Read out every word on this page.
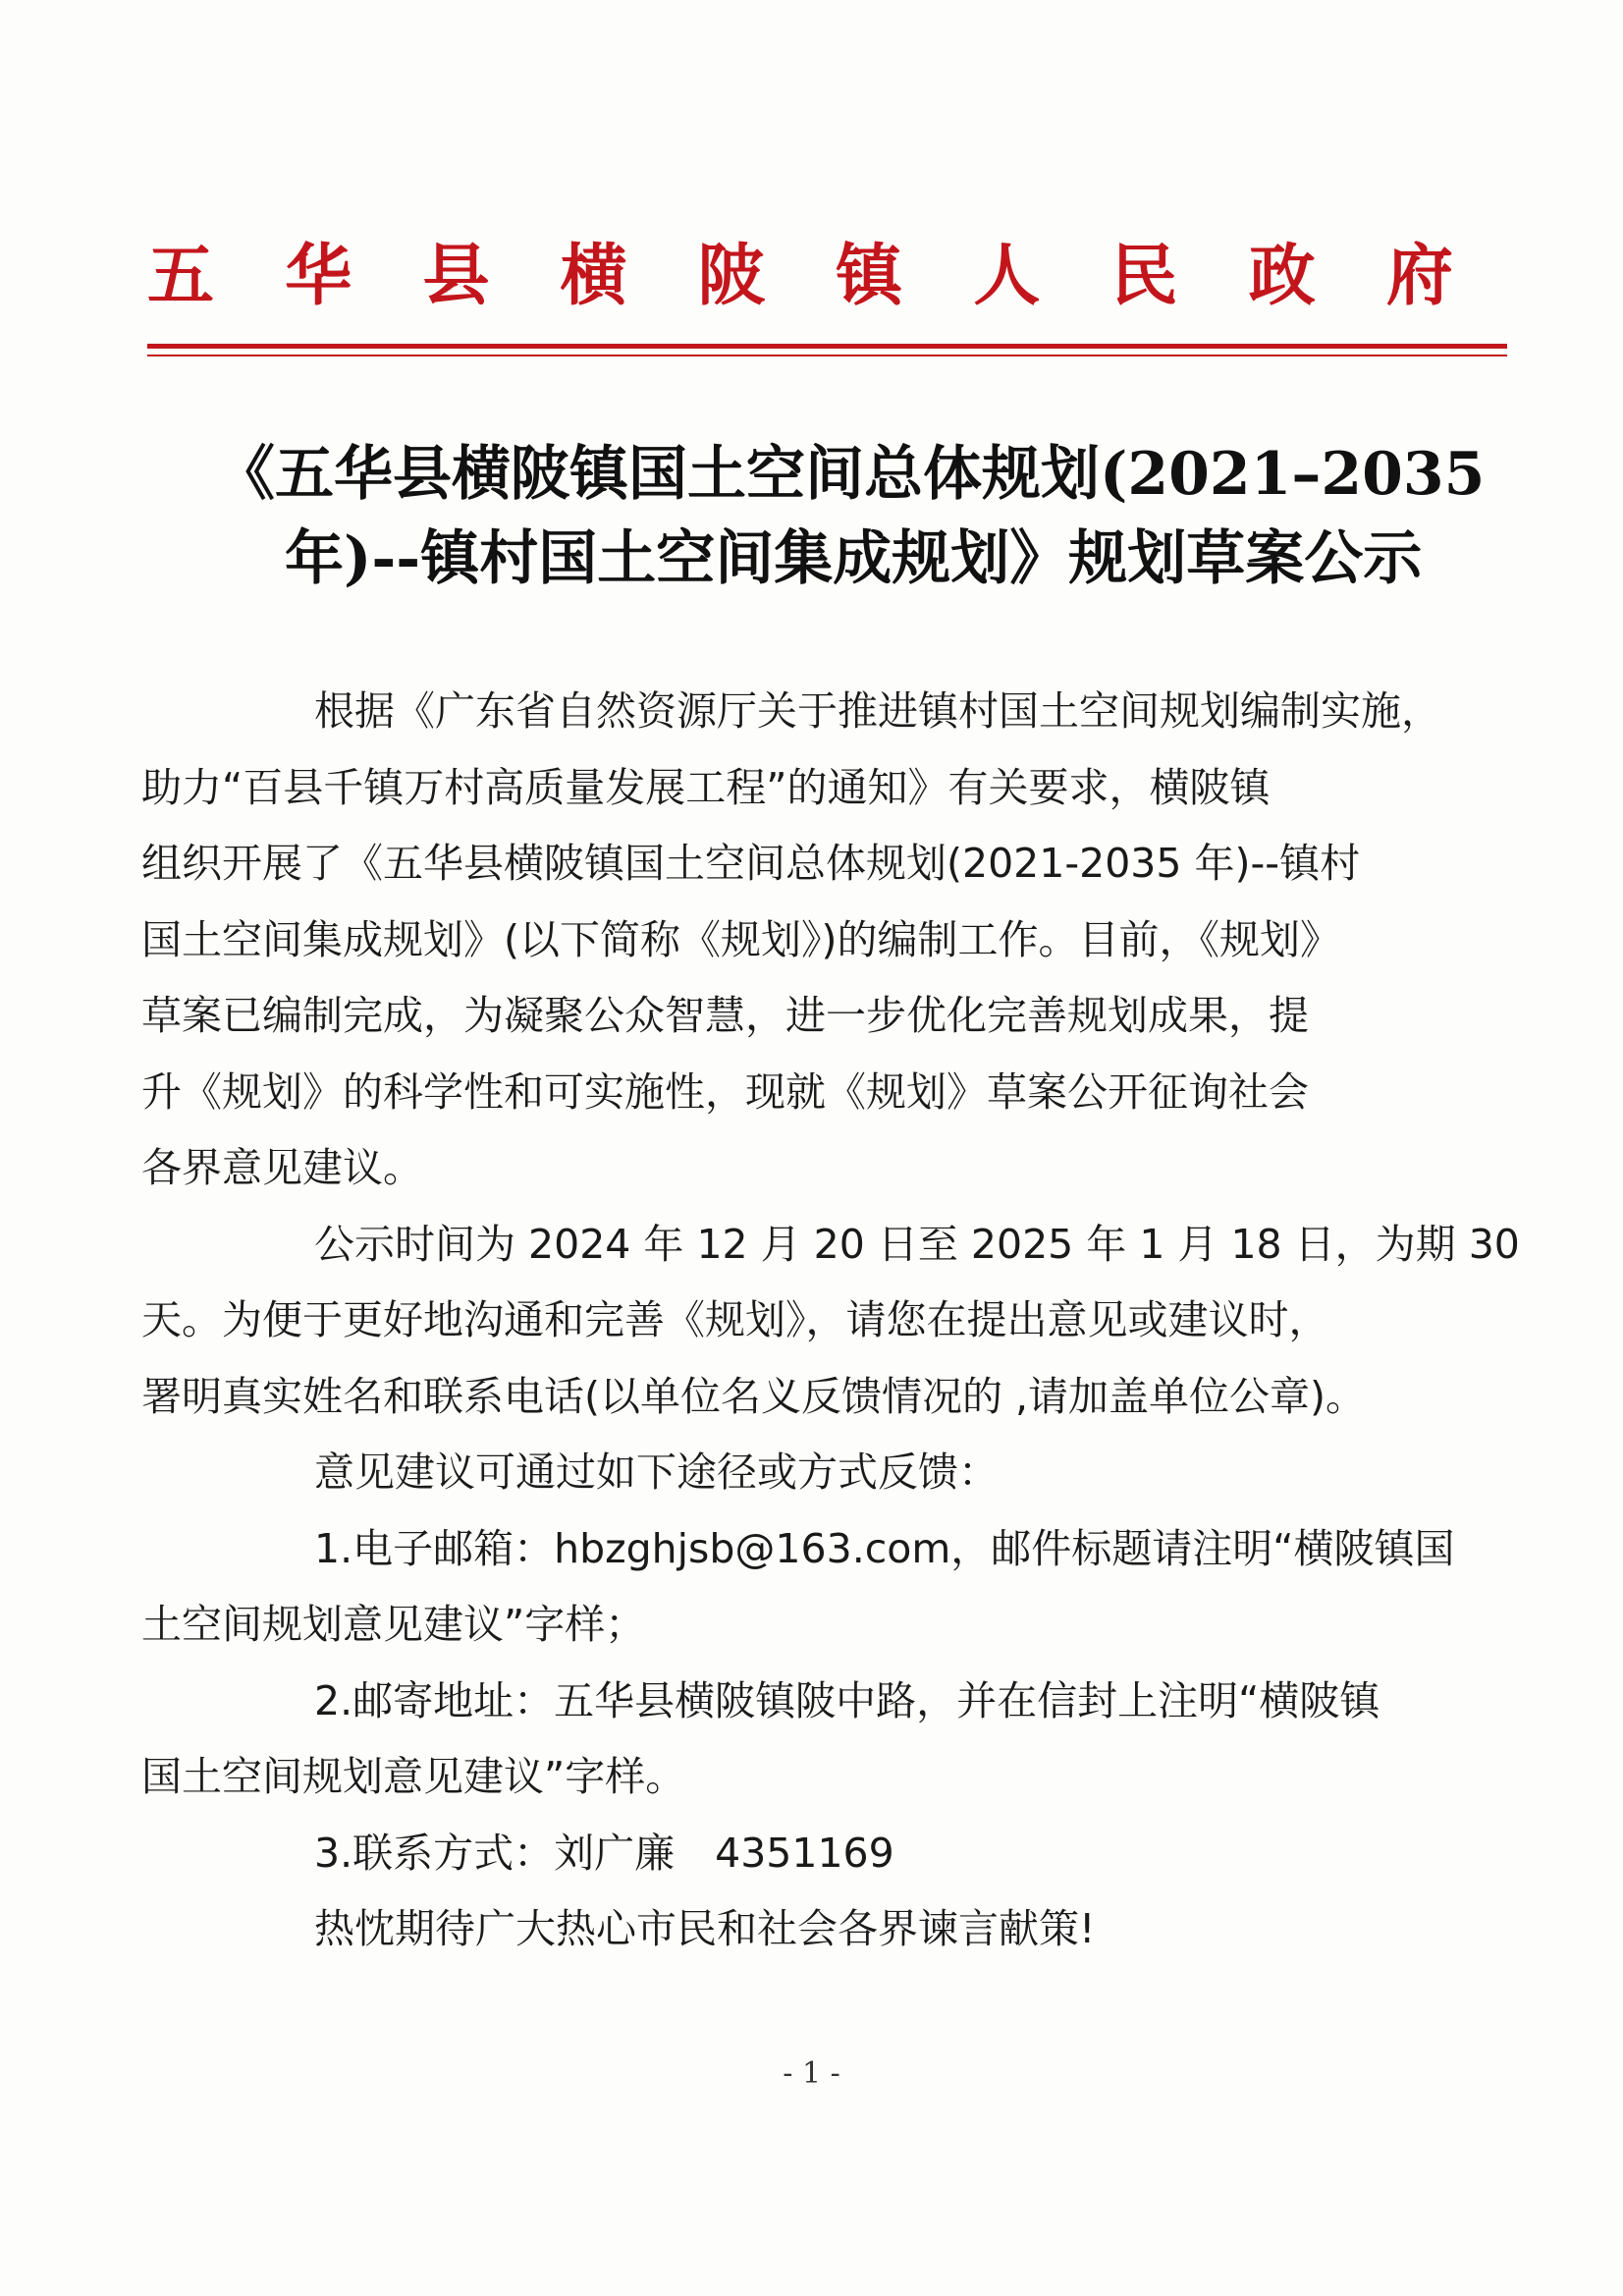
五 华 县 横 陂 镇 人 民 政 府
《五华县横陂镇国土空间总体规划(2021–2035
年)--镇村国土空间集成规划》规划草案公示
根据《广东省自然资源厅关于推进镇村国土空间规划编制实施，
助力“百县千镇万村高质量发展工程”的通知》有关要求，横陂镇
组织开展了《五华县横陂镇国土空间总体规划(2021-2035 年)--镇村
国土空间集成规划》(以下简称《规划》)的编制工作。目前，《规划》
草案已编制完成，为凝聚公众智慧，进一步优化完善规划成果，提
升《规划》的科学性和可实施性，现就《规划》草案公开征询社会
各界意见建议。
公示时间为 2024 年 12 月 20 日至 2025 年 1 月 18 日，为期 30
天。为便于更好地沟通和完善《规划》，请您在提出意见或建议时，
署明真实姓名和联系电话(以单位名义反馈情况的 ,请加盖单位公章)。
意见建议可通过如下途径或方式反馈：
1.电子邮箱：hbzghjsb@163.com，邮件标题请注明“横陂镇国
土空间规划意见建议”字样；
2.邮寄地址：五华县横陂镇陂中路，并在信封上注明“横陂镇
国土空间规划意见建议”字样。
3.联系方式：刘广廉　4351169
热忱期待广大热心市民和社会各界谏言献策!
- 1 -
